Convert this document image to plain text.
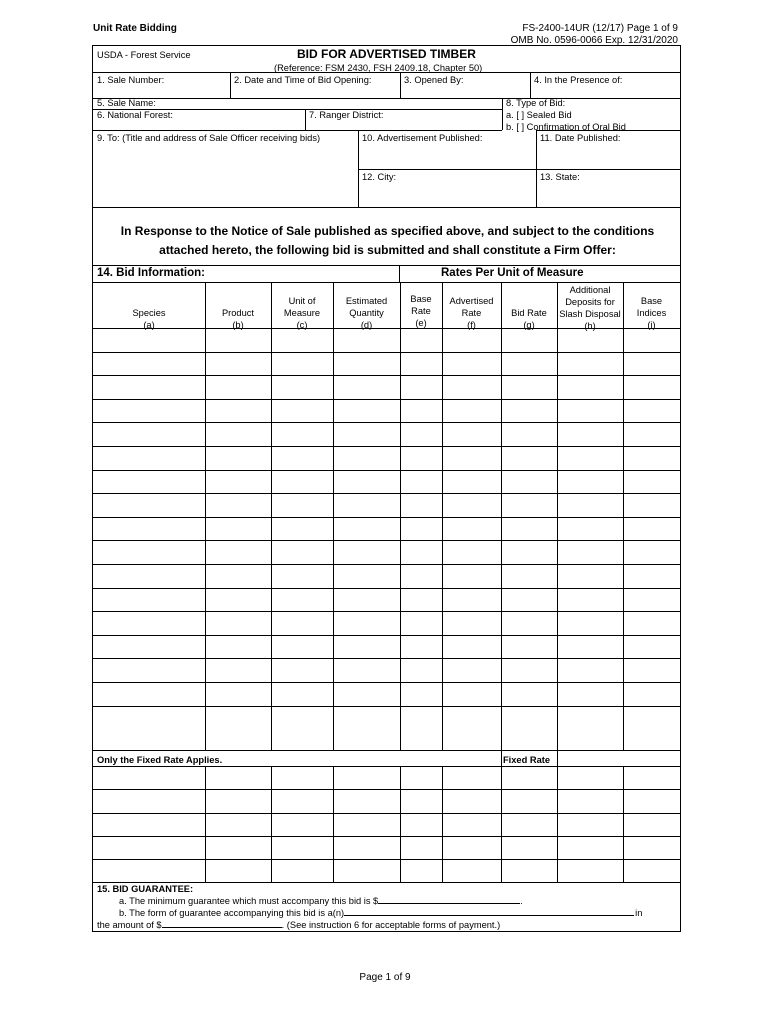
Unit Rate Bidding	FS-2400-14UR (12/17) Page 1 of 9
OMB No. 0596-0066 Exp. 12/31/2020
USDA - Forest Service	BID FOR ADVERTISED TIMBER
(Reference: FSM 2430, FSH 2409.18, Chapter 50)
1. Sale Number:	2. Date and Time of Bid Opening:	3. Opened By:	4. In the Presence of:
5. Sale Name:	8. Type of Bid:
a. [ ] Sealed Bid
b. [ ] Confirmation of Oral Bid
6. National Forest:	7. Ranger District:
9. To: (Title and address of Sale Officer receiving bids)	10. Advertisement Published:	11. Date Published:
12. City:	13. State:
In Response to the Notice of Sale published as specified above, and subject to the conditions
attached hereto, the following bid is submitted and shall constitute a Firm Offer:
14. Bid Information:	Rates Per Unit of Measure
Species
(a)
Product
(b)
Unit of
Measure
(c)
Estimated
Quantity
(d)
Base
Rate
(e)
Advertised
Rate
(f)
Bid Rate
(g)
Additional
Deposits for
Slash Disposal
(h)
Base
Indices
(i)
Only the Fixed Rate Applies.	Fixed Rate
15. BID GUARANTEE:
a. The minimum guarantee which must accompany this bid is $	.
b. The form of guarantee accompanying this bid is a(n)	in
the amount of $	. (See instruction 6 for acceptable forms of payment.)
Page 1 of 9
